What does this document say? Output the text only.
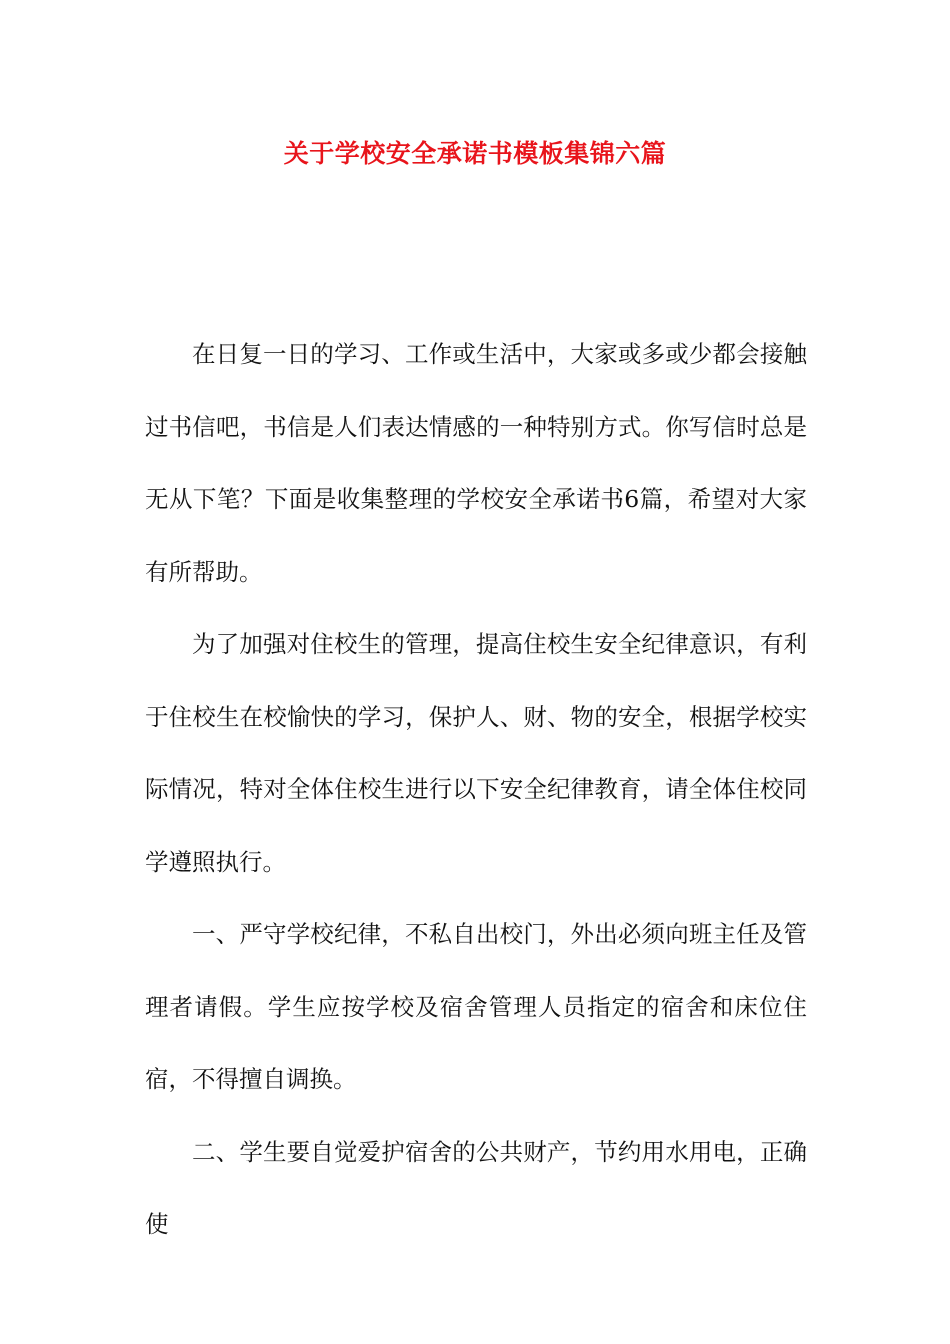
关于学校安全承诺书模板集锦六篇

在日复一日的学习、工作或生活中，大家或多或少都会接触过书信吧，书信是人们表达情感的一种特别方式。你写信时总是无从下笔？下面是收集整理的学校安全承诺书6篇，希望对大家有所帮助。

为了加强对住校生的管理，提高住校生安全纪律意识，有利于住校生在校愉快的学习，保护人、财、物的安全，根据学校实际情况，特对全体住校生进行以下安全纪律教育，请全体住校同学遵照执行。

一、严守学校纪律，不私自出校门，外出必须向班主任及管理者请假。学生应按学校及宿舍管理人员指定的宿舍和床位住宿，不得擅自调换。

二、学生要自觉爱护宿舍的公共财产，节约用水用电，正确使
